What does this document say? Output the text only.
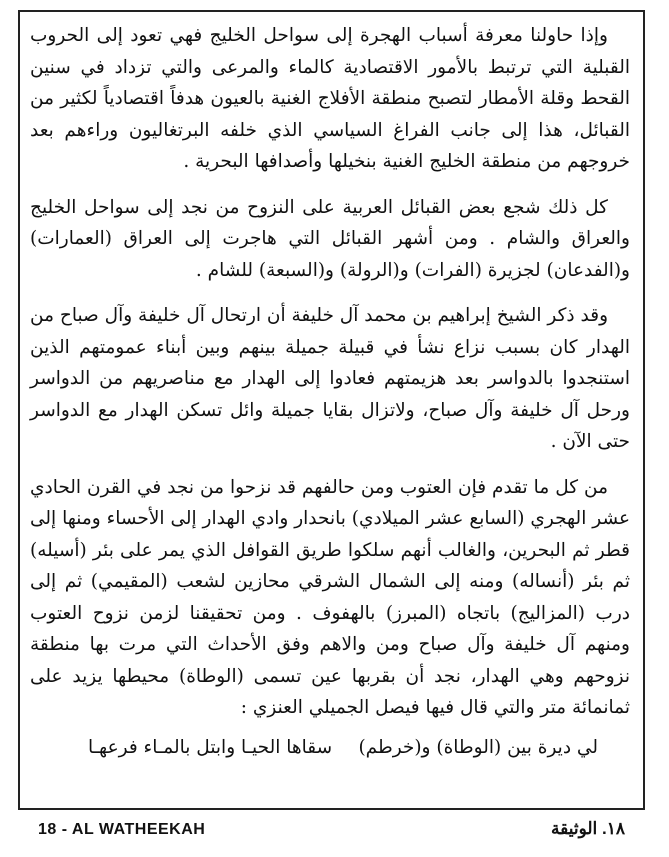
وإذا حاولنا معرفة أسباب الهجرة إلى سواحل الخليج فهي تعود إلى الحروب القبلية التي ترتبط بالأمور الاقتصادية كالماء والمرعى والتي تزداد في سنين القحط وقلة الأمطار لتصبح منطقة الأفلاج الغنية بالعيون هدفاً اقتصادياً لكثير من القبائل، هذا إلى جانب الفراغ السياسي الذي خلفه البرتغاليون وراءهم بعد خروجهم من منطقة الخليج الغنية بنخيلها وأصدافها البحرية .

كل ذلك شجع بعض القبائل العربية على النزوح من نجد إلى سواحل الخليج والعراق والشام . ومن أشهر القبائل التي هاجرت إلى العراق (العمارات) و(الفدعان) لجزيرة (الفرات) و(الرولة) و(السبعة) للشام .

وقد ذكر الشيخ إبراهيم بن محمد آل خليفة أن ارتحال آل خليفة وآل صباح من الهدار كان بسبب نزاع نشأ في قبيلة جميلة بينهم وبين أبناء عمومتهم الذين استنجدوا بالدواسر بعد هزيمتهم فعادوا إلى الهدار مع مناصريهم من الدواسر ورحل آل خليفة وآل صباح، ولاتزال بقايا جميلة وائل تسكن الهدار مع الدواسر حتى الآن .

من كل ما تقدم فإن العتوب ومن حالفهم قد نزحوا من نجد في القرن الحادي عشر الهجري (السابع عشر الميلادي) بانحدار وادي الهدار إلى الأحساء ومنها إلى قطر ثم البحرين، والغالب أنهم سلكوا طريق القوافل الذي يمر على بئر (أسيله) ثم بئر (أنساله) ومنه إلى الشمال الشرقي محازين لشعب (المقيمي) ثم إلى درب (المزاليج) باتجاه (المبرز) بالهفوف . ومن تحقيقنا لزمن نزوح العتوب ومنهم آل خليفة وآل صباح ومن والاهم وفق الأحداث التي مرت بها منطقة نزوحهم وهي الهدار، نجد أن بقربها عين تسمى (الوطاة) محيطها يزيد على ثمانمائة متر والتي قال فيها فيصل الجميلي العنزي :

لي ديرة بين (الوطاة) و(خرطم)
سقاها الحيـا وابتل بالمـاء فرعهـا
18 - AL WATHEEKAH	١٨. الوثيقة
